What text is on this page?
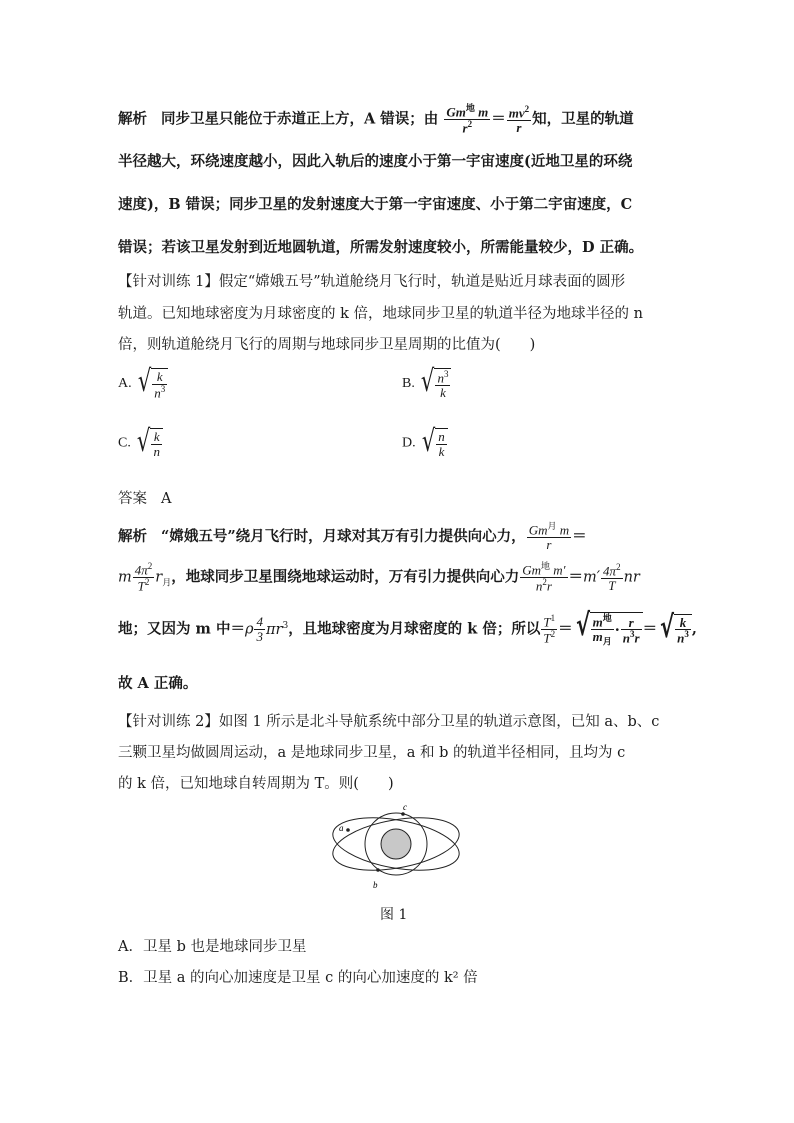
解析 同步卫星只能位于赤道正上方，A 错误；由 $\frac{Gm^地 m}{r^2} = \frac{mv^2}{r}$ 知，卫星的轨道
半径越大，环绕速度越小，因此入轨后的速度小于第一宇宙速度(近地卫星的环绕
速度)，B 错误；同步卫星的发射速度大于第一宇宙速度、小于第二宇宙速度，C
错误；若该卫星发射到近地圆轨道，所需发射速度较小，所需能量较少，D 正确。
【针对训练 1】假定“嫦娥五号”轨道舱绕月飞行时，轨道是贴近月球表面的圆形
轨道。已知地球密度为月球密度的 k 倍，地球同步卫星的轨道半径为地球半径的 n
倍，则轨道舱绕月飞行的周期与地球同步卫星周期的比值为(　　)
A. √ $\frac{k}{n^3}$	B. √ $\frac{n^3}{k}$
C. √ $\frac{k}{n}$	D. √ $\frac{n}{k}$
答案 A
解析 “嫦娥五号”绕月飞行时，月球对其万有引力提供向心力， $\frac{Gm^月 m}{r}$ ＝
m $\frac{4\pi^2}{T^2} r_月$，地球同步卫星围绕地球运动时，万有引力提供向心力 $\frac{Gm^地 m'}{n^2r} =m' \frac{4\pi^2}{T}$ nr
地；又因为 m 中$=\rho \frac{4}{3} \pi r^3$，且地球密度为月球密度的 k 倍；所以 $\frac{T^1}{T^2}$ ＝ √ $\frac{m^地}{m_月} \cdot \frac{r}{n^3r}$ ＝ √ $\frac{k}{n^3}$ ,
故 A 正确。
【针对训练 2】如图 1 所示是北斗导航系统中部分卫星的轨道示意图，已知 a、b、c
三颗卫星均做圆周运动，a 是地球同步卫星，a 和 b 的轨道半径相同，且均为 c
的 k 倍，已知地球自转周期为 T。则(　　)
a
b
c
图 1
A．卫星 b 也是地球同步卫星
B．卫星 a 的向心加速度是卫星 c 的向心加速度的 k² 倍
